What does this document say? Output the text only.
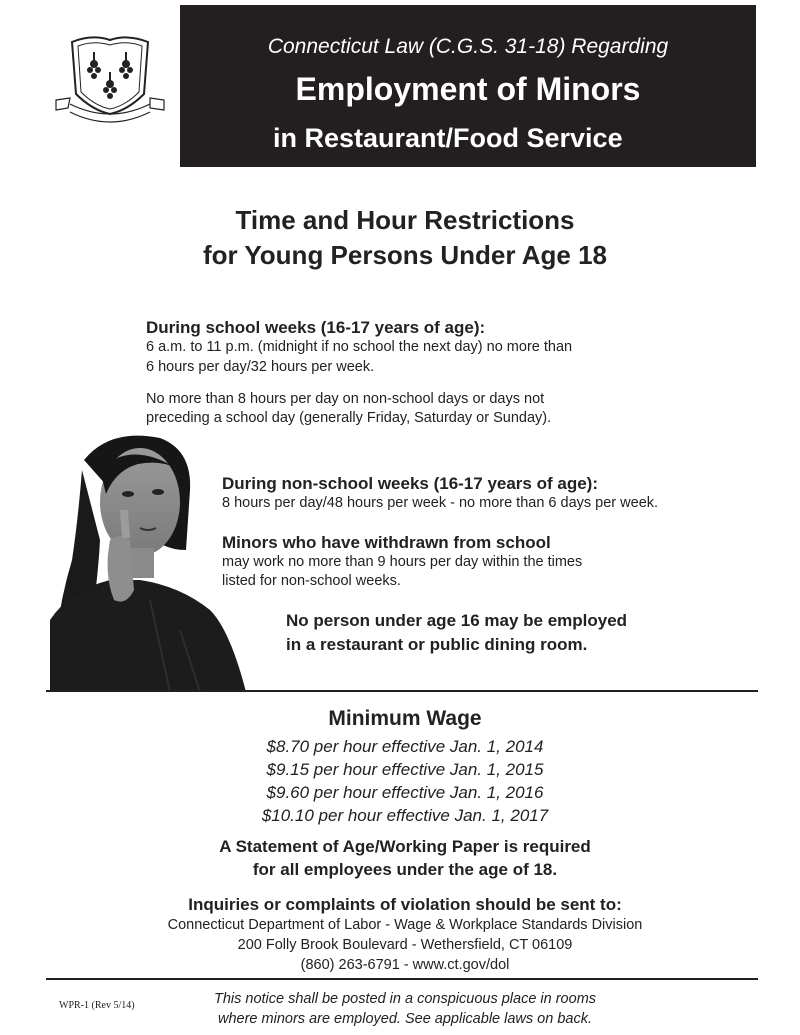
Connecticut Law (C.G.S. 31-18) Regarding
Employment of Minors
in Restaurant/Food Service
Time and Hour Restrictions
for Young Persons Under Age 18
During school weeks (16-17 years of age):
6 a.m. to 11 p.m. (midnight if no school the next day) no more than
6 hours per day/32 hours per week.
No more than 8 hours per day on non-school days or days not
preceding a school day (generally Friday, Saturday or Sunday).
During non-school weeks (16-17 years of age):
8 hours per day/48 hours per week - no more than 6 days per week.
Minors who have withdrawn from school
may work no more than 9 hours per day within the times
listed for non-school weeks.
No person under age 16 may be employed
in a restaurant or public dining room.
Minimum Wage
$8.70 per hour effective Jan. 1, 2014
$9.15 per hour effective Jan. 1, 2015
$9.60 per hour effective Jan. 1, 2016
$10.10 per hour effective Jan. 1, 2017
A Statement of Age/Working Paper is required
for all employees under the age of 18.
Inquiries or complaints of violation should be sent to:
Connecticut Department of Labor - Wage & Workplace Standards Division
200 Folly Brook Boulevard - Wethersfield, CT 06109
(860) 263-6791 - www.ct.gov/dol
WPR-1 (Rev 5/14)	This notice shall be posted in a conspicuous place in rooms
where minors are employed. See applicable laws on back.
